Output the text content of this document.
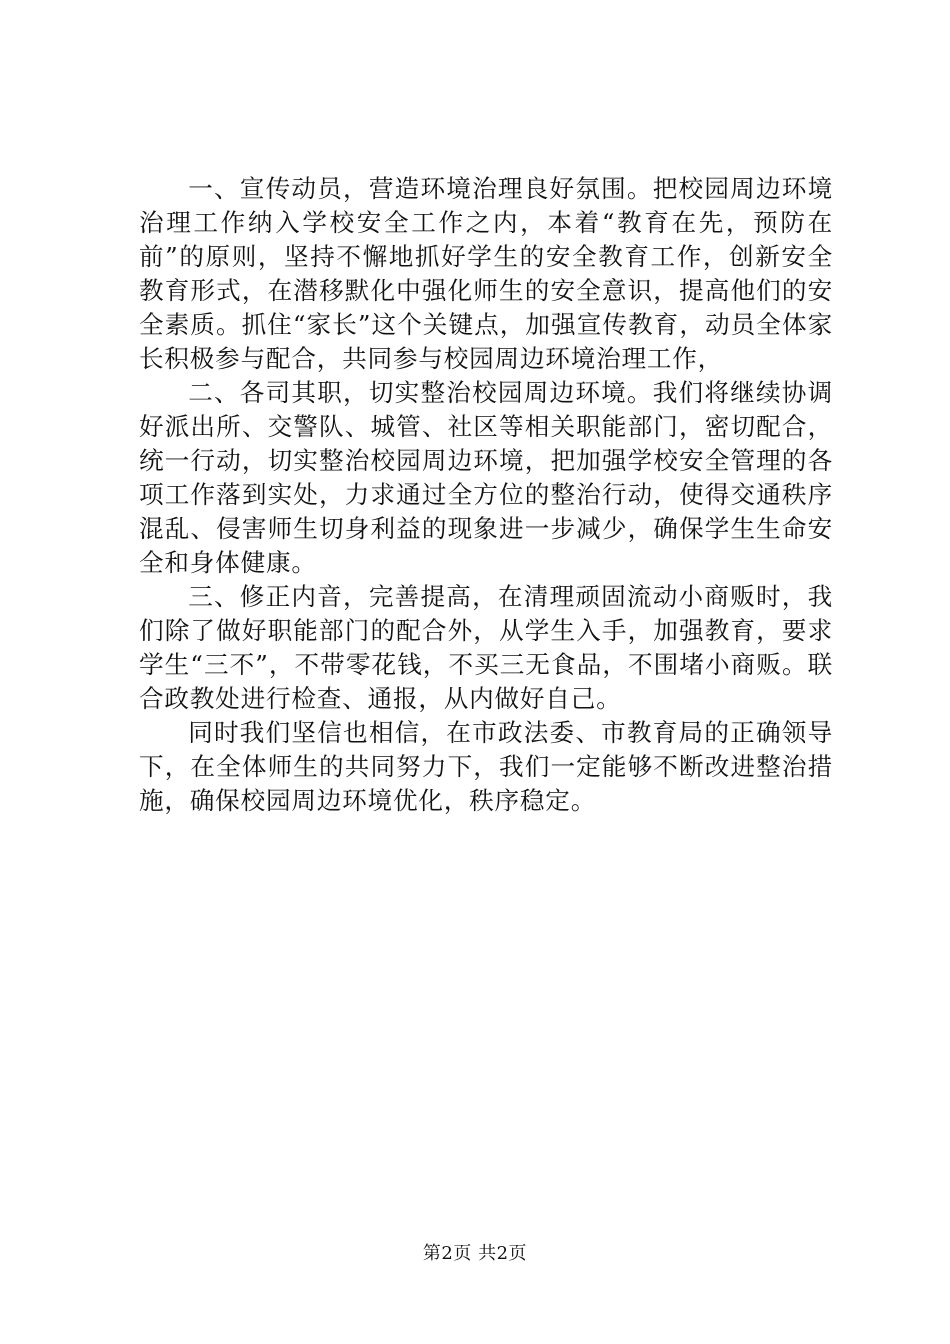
一、宣传动员，营造环境治理良好氛围。把校园周边环境治理工作纳入学校安全工作之内，本着“教育在先，预防在前”的原则，坚持不懈地抓好学生的安全教育工作，创新安全教育形式，在潜移默化中强化师生的安全意识，提高他们的安全素质。抓住“家长”这个关键点，加强宣传教育，动员全体家长积极参与配合，共同参与校园周边环境治理工作，

二、各司其职，切实整治校园周边环境。我们将继续协调好派出所、交警队、城管、社区等相关职能部门，密切配合，统一行动，切实整治校园周边环境，把加强学校安全管理的各项工作落到实处，力求通过全方位的整治行动，使得交通秩序混乱、侵害师生切身利益的现象进一步减少，确保学生生命安全和身体健康。

三、修正内音，完善提高，在清理顽固流动小商贩时，我们除了做好职能部门的配合外，从学生入手，加强教育，要求学生“三不”，不带零花钱，不买三无食品，不围堵小商贩。联合政教处进行检查、通报，从内做好自己。

同时我们坚信也相信，在市政法委、市教育局的正确领导下，在全体师生的共同努力下，我们一定能够不断改进整治措施，确保校园周边环境优化，秩序稳定。

第2页 共2页
